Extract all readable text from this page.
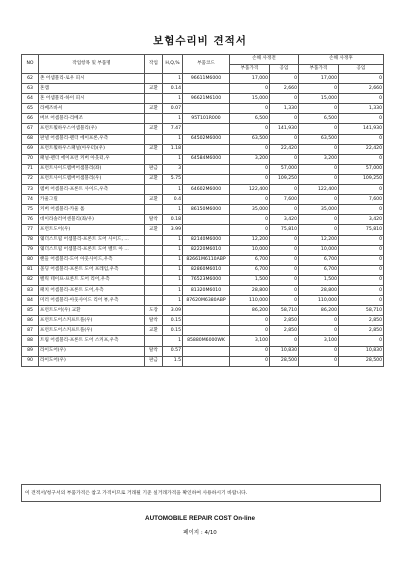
보험수리비 견적서
NO	작업항목 및 부품명	작업	H,Q,%	부품코드	손해 사정전		손해 사정후	
					부품가격	공임	부품가격	공임
62	촌 어셈블리-로우 피시		1	96611M6000	17,000	0	17,000	0
63	혼캡	교환	0.14		0	2,660	0	2,660
64	혼 어셈블리-하이 피시		1	96621M6100	15,000	0	15,000	0
65	라베즈바셔	교환	0.07		0	1,330	0	1,330
66	버브 어셈블리-리베조		1	95T101R000	6,500	0	6,500	0
67	프런트휠하우스어셈블리(우)	교환	7.47		0	141,930	0	141,930
68	판넬 어셈블리-펜더 에이프론,우측		1	64502M6000	63,500	0	63,500	0
69	프런트휠하우스패널(아우터)(우)	교환	1.18		0	22,420	0	22,420
70	패널-펜더 에이프런 커버 아웃터,우		1	64584M6000	3,200	0	3,200	0
71	프런트사이드멤버어셈블리(좌)	판금	3		0	57,000	0	57,000
72	프런트사이드멤버어셈블리(우)	교환	5.75		0	109,250	0	109,250
73	멤버 어셈블리-프론트 사이드,우측		1	64602M6000	122,400	0	122,400	0
74	카울그릴	교환	0.4		0	7,600	0	7,600
75	커버 어셈블리-카울 톱		1	86150M6000	35,000	0	35,000	0
76	데이라솔러어센블리(좌/우)	탈착	0.18		0	3,420	0	3,420
77	프런트도어(우)	교환	3.99		0	75,810	0	75,810
78	웨더스트립 어셈블리-프론트 도어 사이드, ...		1	82140M6000	12,200	0	12,200	0
79	웨더스트립 어셈블리-프론트 도어 벨트 아 ...		1	82220M6010	10,000	0	10,000	0
80	핸들 어셈블리-도어 아웃사이드,우측		1	82661M6110ABP	6,700	0	6,700	0
81	몰딩 어셈블리-프론트 도어 프레임,우측		1	82860M6010	6,700	0	6,700	0
82	벨릭 테이프-프론트 도어 리어,우측		1	76523M6000	1,500	0	1,500	0
83	패치 어셈블리-프론트 도어,우측		1	81320M6010	28,800	0	28,800	0
84	미러 어셈블리-아웃사이드 리어 뷰,우측		1	87620M6380ABP	110,000	0	110,000	0
85	프런트도어(우) 교환	도장	3.09		86,200	58,710	86,200	58,710
86	프런트도어스커프트플(우)	탈착	0.15		0	2,850	0	2,850
87	프런트도어스커프트플(우)	교환	0.15		0	2,850	0	2,850
88	트림 어셈블리-프론트 도어 스커프,우측		1	85880M6000WK	3,100	0	3,100	0
89	라이도어(우)	탈착	0.57		0	10,830	0	10,830
90	라이도어(우)	판금	1.5		0	28,500	0	28,500
이 견적서/청구서의 부품가격은 참고 가격이므로 거래될 기준 실거래가격을 확인하여 사용하시기 바랍니다.
AUTOMOBILE REPAIR COST On-line
페이지 : 4/10
